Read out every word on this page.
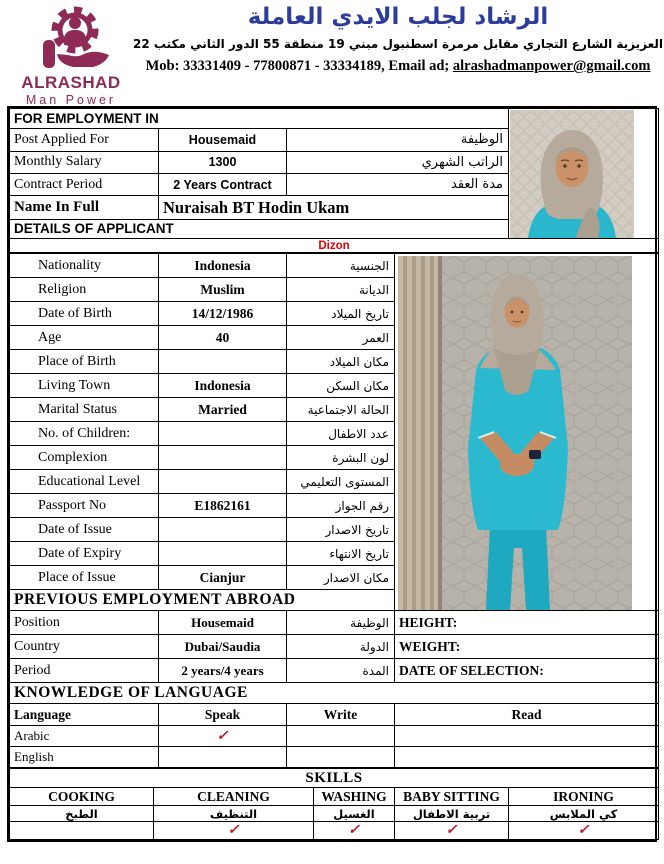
ALRASHAD
Man Power
الرشاد لجلب الايدي العاملة
العزيزية الشارع التجاري مقابل مرمرة اسطنبول مبني 19 منطقة 55 الدور الثاني مكتب 22
Mob: 33331409 - 77800871 - 33334189, Email ad; alrashadmanpower@gmail.com
FOR EMPLOYMENT IN	

Post Applied For	Housemaid	الوظيفة	
Monthly Salary	1300	الراتب الشهري	
Contract Period	2 Years Contract	مدة العقد	
Name In Full	Nuraisah BT Hodin Ukam		
DETAILS OF APPLICANT			
Dizon			
Nationality	Indonesia	الجنسية	

Religion	Muslim	الديانة	
Date of Birth	14/12/1986	تاريخ الميلاد	
Age	40	العمر	
Place of Birth		مكان الميلاد	
Living Town	Indonesia	مكان السكن	
Marital Status	Married	الحالة الاجتماعية	
No. of Children:		عدد الاطفال	
Complexion		لون البشرة	
Educational Level		المستوى التعليمي	
Passport No	E1862161	رقم الجواز	
Date of Issue		تاريخ الاصدار	
Date of Expiry		تاريخ الانتهاء	
Place of Issue	Cianjur	مكان الاصدار	
PREVIOUS EMPLOYMENT ABROAD			
Position	Housemaid	الوظيفة	HEIGHT:
Country	Dubai/Saudia	الدولة	WEIGHT:
Period	2 years/4 years	المدة	DATE OF SELECTION:
KNOWLEDGE OF LANGUAGE			
Language	Speak	Write	Read
Arabic	✓		
English			
SKILLS				
COOKING	CLEANING	WASHING	BABY SITTING	IRONING
الطبخ	التنظيف	الغسيل	تربية الاطفال	كي الملابس
	✓	✓	✓	✓
